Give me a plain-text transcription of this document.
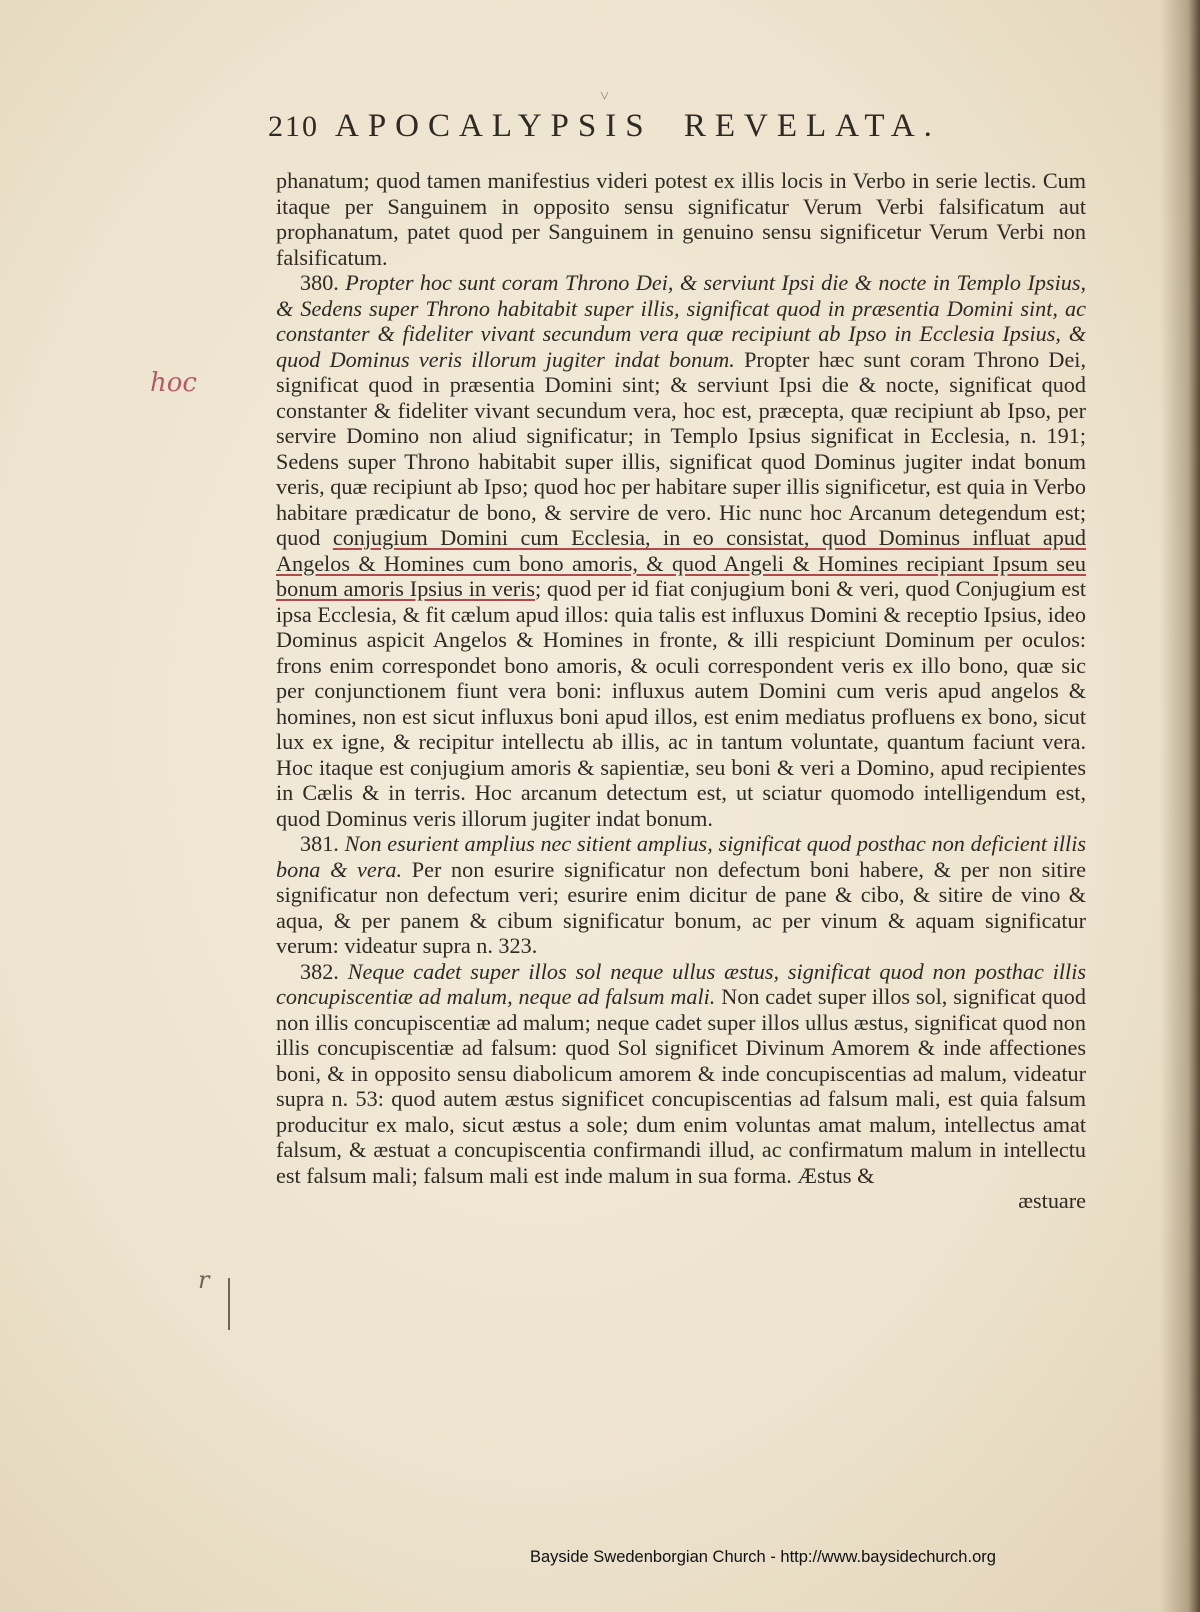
˅
210 APOCALYPSIS REVELATA.
hoc
r

phanatum; quod tamen manifestius videri potest ex illis locis in Verbo in serie lectis. Cum itaque per Sanguinem in opposito sensu significatur Verum Verbi falsificatum aut prophanatum, patet quod per Sanguinem in genuino sensu significetur Verum Verbi non falsificatum.

380. Propter hoc sunt coram Throno Dei, & serviunt Ipsi die & nocte in Templo Ipsius, & Sedens super Throno habitabit super illis, significat quod in præsentia Domini sint, ac constanter & fideliter vivant secundum vera quæ recipiunt ab Ipso in Ecclesia Ipsius, & quod Dominus veris illorum jugiter indat bonum. Propter hæc sunt coram Throno Dei, significat quod in præsentia Domini sint; & serviunt Ipsi die & nocte, significat quod constanter & fideliter vivant secundum vera, hoc est, præcepta, quæ recipiunt ab Ipso, per servire Domino non aliud significatur; in Templo Ipsius significat in Ecclesia, n. 191; Sedens super Throno habitabit super illis, significat quod Dominus jugiter indat bonum veris, quæ recipiunt ab Ipso; quod hoc per habitare super illis significetur, est quia in Verbo habitare prædicatur de bono, & servire de vero. Hic nunc hoc Arcanum detegendum est; quod conjugium Domini cum Ecclesia, in eo consistat, quod Dominus influat apud Angelos & Homines cum bono amoris, & quod Angeli & Homines recipiant Ipsum seu bonum amoris Ipsius in veris; quod per id fiat conjugium boni & veri, quod Conjugium est ipsa Ecclesia, & fit cælum apud illos: quia talis est influxus Domini & receptio Ipsius, ideo Dominus aspicit Angelos & Homines in fronte, & illi respiciunt Dominum per oculos: frons enim correspondet bono amoris, & oculi correspondent veris ex illo bono, quæ sic per conjunctionem fiunt vera boni: influxus autem Domini cum veris apud angelos & homines, non est sicut influxus boni apud illos, est enim mediatus profluens ex bono, sicut lux ex igne, & recipitur intellectu ab illis, ac in tantum voluntate, quantum faciunt vera. Hoc itaque est conjugium amoris & sapientiæ, seu boni & veri a Domino, apud recipientes in Cælis & in terris. Hoc arcanum detectum est, ut sciatur quomodo intelligendum est, quod Dominus veris illorum jugiter indat bonum.

381. Non esurient amplius nec sitient amplius, significat quod posthac non deficient illis bona & vera. Per non esurire significatur non defectum boni habere, & per non sitire significatur non defectum veri; esurire enim dicitur de pane & cibo, & sitire de vino & aqua, & per panem & cibum significatur bonum, ac per vinum & aquam significatur verum: videatur supra n. 323.

382. Neque cadet super illos sol neque ullus æstus, significat quod non posthac illis concupiscentiæ ad malum, neque ad falsum mali. Non cadet super illos sol, significat quod non illis concupiscentiæ ad malum; neque cadet super illos ullus æstus, significat quod non illis concupiscentiæ ad falsum: quod Sol significet Divinum Amorem & inde affectiones boni, & in opposito sensu diabolicum amorem & inde concupiscentias ad malum, videatur supra n. 53: quod autem æstus significet concupiscentias ad falsum mali, est quia falsum producitur ex malo, sicut æstus a sole; dum enim voluntas amat malum, intellectus amat falsum, & æstuat a concupiscentia confirmandi illud, ac confirmatum malum in intellectu est falsum mali; falsum mali est inde malum in sua forma. Æstus &

æstuare

Bayside Swedenborgian Church - http://www.baysidechurch.org
